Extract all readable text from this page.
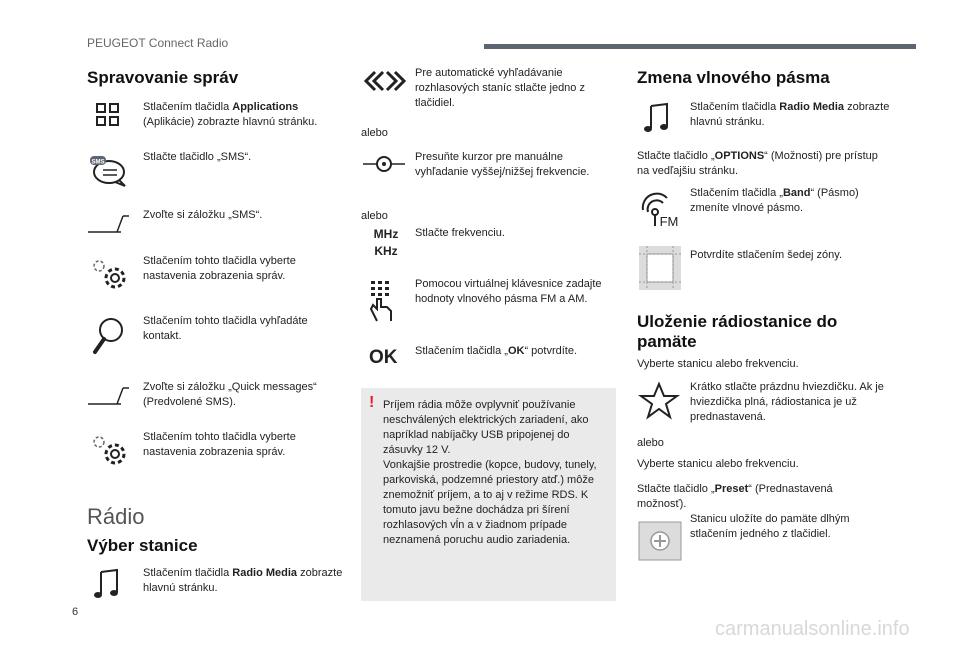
PEUGEOT Connect Radio
Spravovanie správ

Stlačením tlačidla Applications (Aplikácie) zobrazte hlavnú stránku.

SMS	Stlačte tlačidlo „SMS“.

Zvoľte si záložku „SMS“.

Stlačením tohto tlačidla vyberte nastavenia zobrazenia správ.

Stlačením tohto tlačidla vyhľadáte kontakt.

Zvoľte si záložku „Quick messages“ (Predvolené SMS).

Stlačením tohto tlačidla vyberte nastavenia zobrazenia správ.

Rádio
Výber stanice

Stlačením tlačidla Radio Media zobrazte hlavnú stránku.

Pre automatické vyhľadávanie rozhlasových staníc stlačte jedno z tlačidiel.

alebo

Presuňte kurzor pre manuálne vyhľadanie vyššej/nižšej frekvencie.

alebo

MHz
KHz

Stlačte frekvenciu.

Pomocou virtuálnej klávesnice zadajte hodnoty vlnového pásma FM a AM.

OK	Stlačením tlačidla „OK“ potvrdíte.

! Príjem rádia môže ovplyvniť používanie neschválených elektrických zariadení, ako napríklad nabíjačky USB pripojenej do zásuvky 12 V.
Vonkajšie prostredie (kopce, budovy, tunely, parkoviská, podzemné priestory atď.) môže znemožniť príjem, a to aj v režime RDS. K tomuto javu bežne dochádza pri šírení rozhlasových vĺn a v žiadnom prípade neznamená poruchu audio zariadenia.

Zmena vlnového pásma

Stlačením tlačidla Radio Media zobrazte hlavnú stránku.

Stlačte tlačidlo „OPTIONS“ (Možnosti) pre prístup na vedľajšiu stránku.

FM

Stlačením tlačidla „Band“ (Pásmo) zmeníte vlnové pásmo.

Potvrdíte stlačením šedej zóny.

Uloženie rádiostanice do pamäte

Vyberte stanicu alebo frekvenciu.

Krátko stlačte prázdnu hviezdičku. Ak je hviezdička plná, rádiostanica je už prednastavená.

alebo

Vyberte stanicu alebo frekvenciu.

Stlačte tlačidlo „Preset“ (Prednastavená možnosť).

Stanicu uložíte do pamäte dlhým stlačením jedného z tlačidiel.

6
carmanualsonline.info
